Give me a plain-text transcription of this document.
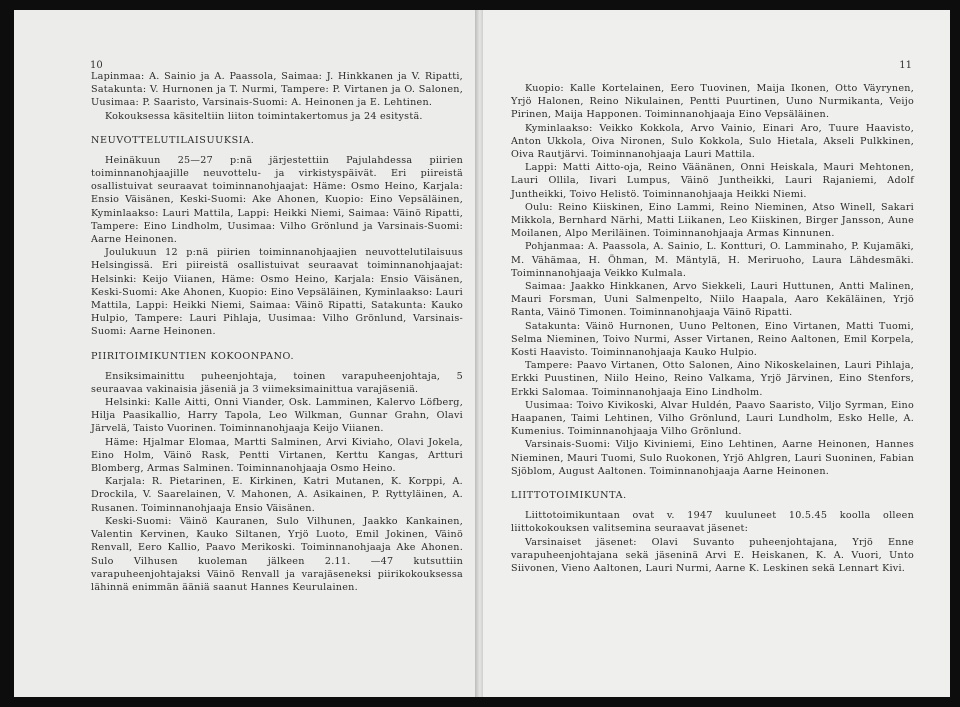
10

Lapinmaa: A. Sainio ja A. Paassola, Saimaa: J. Hinkkanen ja V. Ripatti, Satakunta: V. Hurnonen ja T. Nurmi, Tampere: P. Virtanen ja O. Salonen, Uusimaa: P. Saaristo, Varsinais-Suomi: A. Heinonen ja E. Lehtinen.

Kokouksessa käsiteltiin liiton toimintakertomus ja 24 esitystä.

NEUVOTTELUTILAISUUKSIA.

Heinäkuun 25—27 p:nä järjestettiin Pajulahdessa piirien toiminnanohjaajille neuvottelu- ja virkistyspäivät. Eri piireistä osallistuivat seuraavat toiminnanohjaajat: Häme: Osmo Heino, Karjala: Ensio Väisänen, Keski-Suomi: Ake Ahonen, Kuopio: Eino Vepsäläinen, Kyminlaakso: Lauri Mattila, Lappi: Heikki Niemi, Saimaa: Väinö Ripatti, Tampere: Eino Lindholm, Uusimaa: Vilho Grönlund ja Varsinais-Suomi: Aarne Heinonen.

Joulukuun 12 p:nä piirien toiminnanohjaajien neuvottelutilaisuus Helsingissä. Eri piireistä osallistuivat seuraavat toiminnanohjaajat: Helsinki: Keijo Viianen, Häme: Osmo Heino, Karjala: Ensio Väisänen, Keski-Suomi: Ake Ahonen, Kuopio: Eino Vepsäläinen, Kyminlaakso: Lauri Mattila, Lappi: Heikki Niemi, Saimaa: Väinö Ripatti, Satakunta: Kauko Hulpio, Tampere: Lauri Pihlaja, Uusimaa: Vilho Grönlund, Varsinais-Suomi: Aarne Heinonen.

PIIRITOIMIKUNTIEN KOKOONPANO.

Ensiksimainittu puheenjohtaja, toinen varapuheenjohtaja, 5 seuraavaa vakinaisia jäseniä ja 3 viimeksimainittua varajäseniä.

Helsinki: Kalle Aitti, Onni Viander, Osk. Lamminen, Kalervo Löfberg, Hilja Paasikallio, Harry Tapola, Leo Wilkman, Gunnar Grahn, Olavi Järvelä, Taisto Vuorinen. Toiminnanohjaaja Keijo Viianen.

Häme: Hjalmar Elomaa, Martti Salminen, Arvi Kiviaho, Olavi Jokela, Eino Holm, Väinö Rask, Pentti Virtanen, Kerttu Kangas, Artturi Blomberg, Armas Salminen. Toiminnanohjaaja Osmo Heino.

Karjala: R. Pietarinen, E. Kirkinen, Katri Mutanen, K. Korppi, A. Drockila, V. Saarelainen, V. Mahonen, A. Asikainen, P. Ryttyläinen, A. Rusanen. Toiminnanohjaaja Ensio Väisänen.

Keski-Suomi: Väinö Kauranen, Sulo Vilhunen, Jaakko Kankainen, Valentin Kervinen, Kauko Siltanen, Yrjö Luoto, Emil Jokinen, Väinö Renvall, Eero Kallio, Paavo Merikoski. Toiminnanohjaaja Ake Ahonen. Sulo Vilhusen kuoleman jälkeen 2.11. —47 kutsuttiin varapuheenjohtajaksi Väinö Renvall ja varajäseneksi piirikokouksessa lähinnä enimmän ääniä saanut Hannes Keurulainen.

11

Kuopio: Kalle Kortelainen, Eero Tuovinen, Maija Ikonen, Otto Väyrynen, Yrjö Halonen, Reino Nikulainen, Pentti Puurtinen, Uuno Nurmikanta, Veijo Pirinen, Maija Happonen. Toiminnanohjaaja Eino Vepsäläinen.

Kyminlaakso: Veikko Kokkola, Arvo Vainio, Einari Aro, Tuure Haavisto, Anton Ukkola, Oiva Nironen, Sulo Kokkola, Sulo Hietala, Akseli Pulkkinen, Oiva Rautjärvi. Toiminnanohjaaja Lauri Mattila.

Lappi: Matti Aitto-oja, Reino Väänänen, Onni Heiskala, Mauri Mehtonen, Lauri Ollila, Iivari Lumpus, Väinö Juntheikki, Lauri Rajaniemi, Adolf Juntheikki, Toivo Helistö. Toiminnanohjaaja Heikki Niemi.

Oulu: Reino Kiiskinen, Eino Lammi, Reino Nieminen, Atso Winell, Sakari Mikkola, Bernhard Närhi, Matti Liikanen, Leo Kiiskinen, Birger Jansson, Aune Moilanen, Alpo Meriläinen. Toiminnanohjaaja Armas Kinnunen.

Pohjanmaa: A. Paassola, A. Sainio, L. Kontturi, O. Lamminaho, P. Kujamäki, M. Vähämaa, H. Öhman, M. Mäntylä, H. Meriruoho, Laura Lähdesmäki. Toiminnanohjaaja Veikko Kulmala.

Saimaa: Jaakko Hinkkanen, Arvo Siekkeli, Lauri Huttunen, Antti Malinen, Mauri Forsman, Uuni Salmenpelto, Niilo Haapala, Aaro Kekäläinen, Yrjö Ranta, Väinö Timonen. Toiminnanohjaaja Väinö Ripatti.

Satakunta: Väinö Hurnonen, Uuno Peltonen, Eino Virtanen, Matti Tuomi, Selma Nieminen, Toivo Nurmi, Asser Virtanen, Reino Aaltonen, Emil Korpela, Kosti Haavisto. Toiminnanohjaaja Kauko Hulpio.

Tampere: Paavo Virtanen, Otto Salonen, Aino Nikoskelainen, Lauri Pihlaja, Erkki Puustinen, Niilo Heino, Reino Valkama, Yrjö Järvinen, Eino Stenfors, Erkki Salomaa. Toiminnanohjaaja Eino Lindholm.

Uusimaa: Toivo Kivikoski, Alvar Huldén, Paavo Saaristo, Viljo Syrman, Eino Haapanen, Taimi Lehtinen, Vilho Grönlund, Lauri Lundholm, Esko Helle, A. Kumenius. Toiminnanohjaaja Vilho Grönlund.

Varsinais-Suomi: Viljo Kiviniemi, Eino Lehtinen, Aarne Heinonen, Hannes Nieminen, Mauri Tuomi, Sulo Ruokonen, Yrjö Ahlgren, Lauri Suoninen, Fabian Sjöblom, August Aaltonen. Toiminnanohjaaja Aarne Heinonen.

LIITTOTOIMIKUNTA.

Liittotoimikuntaan ovat v. 1947 kuuluneet 10.5.45 koolla olleen liittokokouksen valitsemina seuraavat jäsenet:

Varsinaiset jäsenet: Olavi Suvanto puheenjohtajana, Yrjö Enne varapuheenjohtajana sekä jäseninä Arvi E. Heiskanen, K. A. Vuori, Unto Siivonen, Vieno Aaltonen, Lauri Nurmi, Aarne K. Leskinen sekä Lennart Kivi.
